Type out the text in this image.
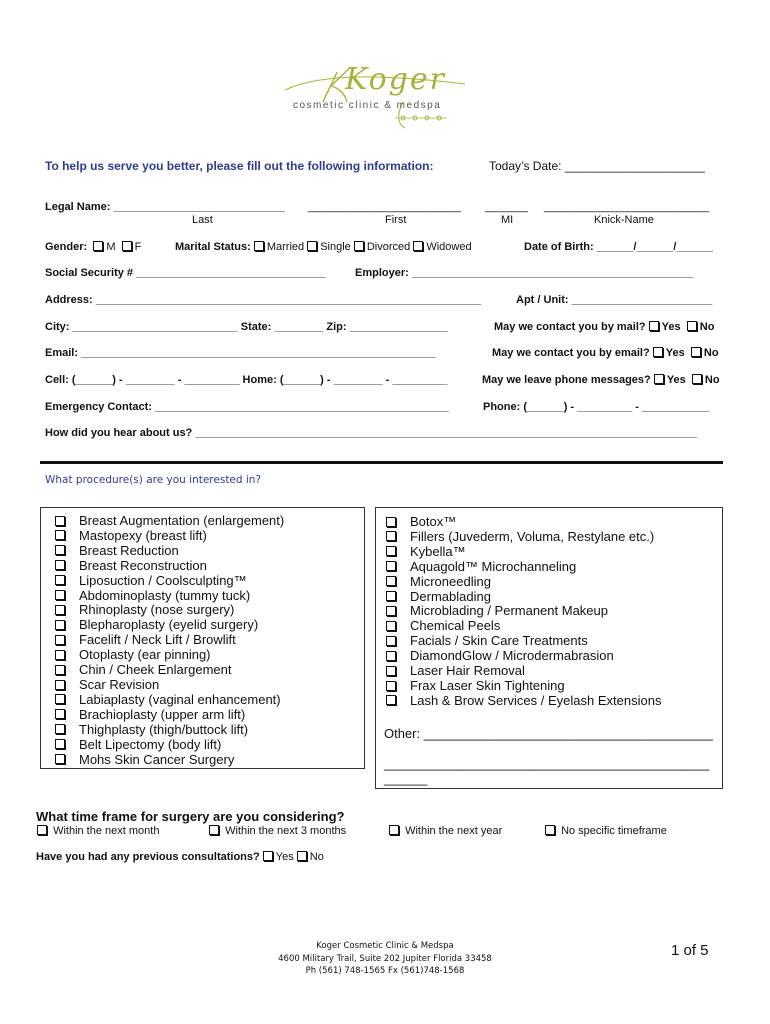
Koger
cosmetic clinic & medspa
To help us serve you better, please fill out the following information:	Today’s Date: _____________________
Legal Name: ____________________________ _________________________ _______ ___________________________
Last	First	MI	Knick-Name
Gender: M F	Marital Status: Married Single Divorced Widowed	Date of Birth: ______/______/______
Social Security # _______________________________	Employer: ______________________________________________
Address: _______________________________________________________________	Apt / Unit: _______________________
City: ___________________________ State: ________ Zip: ________________	May we contact you by mail? Yes No
Email: __________________________________________________________	May we contact you by email? Yes No
Cell: (______) - ________ - _________ Home: (______) - ________ - _________	May we leave phone messages? Yes No
Emergency Contact: ________________________________________________	Phone: (______) - _________ - ___________
How did you hear about us? __________________________________________________________________________________
What procedure(s) are you interested in?
Breast Augmentation (enlargement)
Mastopexy (breast lift)
Breast Reduction
Breast Reconstruction
Liposuction / Coolsculpting™
Abdominoplasty (tummy tuck)
Rhinoplasty (nose surgery)
Blepharoplasty (eyelid surgery)
Facelift / Neck Lift / Browlift
Otoplasty (ear pinning)
Chin / Cheek Enlargement
Scar Revision
Labiaplasty (vaginal enhancement)
Brachioplasty (upper arm lift)
Thighplasty (thigh/buttock lift)
Belt Lipectomy (body lift)
Mohs Skin Cancer Surgery
Botox™
Fillers (Juvederm, Voluma, Restylane etc.)
Kybella™
Aquagold™ Microchanneling
Microneedling
Dermablading
Microblading / Permanent Makeup
Chemical Peels
Facials / Skin Care Treatments
DiamondGlow / Microdermabrasion
Laser Hair Removal
Frax Laser Skin Tightening
Lash & Brow Services / Eyelash Extensions
Other: ________________________________________
_____________________________________________
______
What time frame for surgery are you considering?
Within the next month	Within the next 3 months	Within the next year	No specific timeframe
Have you had any previous consultations? Yes No
Koger Cosmetic Clinic & Medspa
4600 Military Trail, Suite 202 Jupiter Florida 33458
Ph (561) 748-1565 Fx (561)748-1568
1 of 5
